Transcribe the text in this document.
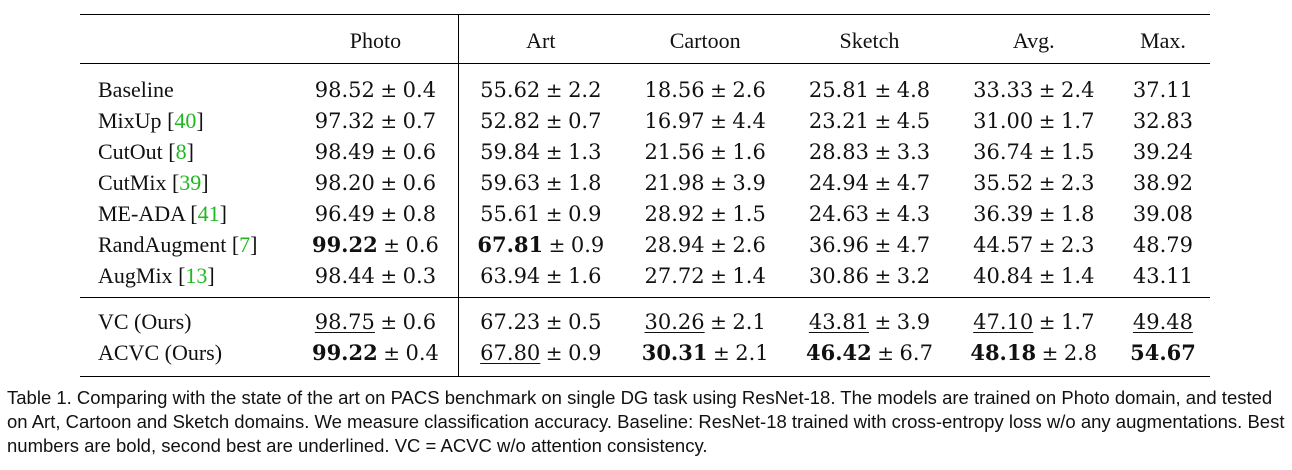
	Photo	Art	Cartoon	Sketch	Avg.	Max.
Baseline	98.52 ± 0.4	55.62 ± 2.2	18.56 ± 2.6	25.81 ± 4.8	33.33 ± 2.4	37.11
MixUp [40]	97.32 ± 0.7	52.82 ± 0.7	16.97 ± 4.4	23.21 ± 4.5	31.00 ± 1.7	32.83
CutOut [8]	98.49 ± 0.6	59.84 ± 1.3	21.56 ± 1.6	28.83 ± 3.3	36.74 ± 1.5	39.24
CutMix [39]	98.20 ± 0.6	59.63 ± 1.8	21.98 ± 3.9	24.94 ± 4.7	35.52 ± 2.3	38.92
ME-ADA [41]	96.49 ± 0.8	55.61 ± 0.9	28.92 ± 1.5	24.63 ± 4.3	36.39 ± 1.8	39.08
RandAugment [7]	99.22 ± 0.6	67.81 ± 0.9	28.94 ± 2.6	36.96 ± 4.7	44.57 ± 2.3	48.79
AugMix [13]	98.44 ± 0.3	63.94 ± 1.6	27.72 ± 1.4	30.86 ± 3.2	40.84 ± 1.4	43.11
VC (Ours)	98.75 ± 0.6	67.23 ± 0.5	30.26 ± 2.1	43.81 ± 3.9	47.10 ± 1.7	49.48
ACVC (Ours)	99.22 ± 0.4	67.80 ± 0.9	30.31 ± 2.1	46.42 ± 6.7	48.18 ± 2.8	54.67
Table 1. Comparing with the state of the art on PACS benchmark on single DG task using ResNet-18. The models are trained on Photo domain, and tested on Art, Cartoon and Sketch domains. We measure classification accuracy. Baseline: ResNet-18 trained with cross-entropy loss w/o any augmentations. Best numbers are bold, second best are underlined. VC = ACVC w/o attention consistency.
